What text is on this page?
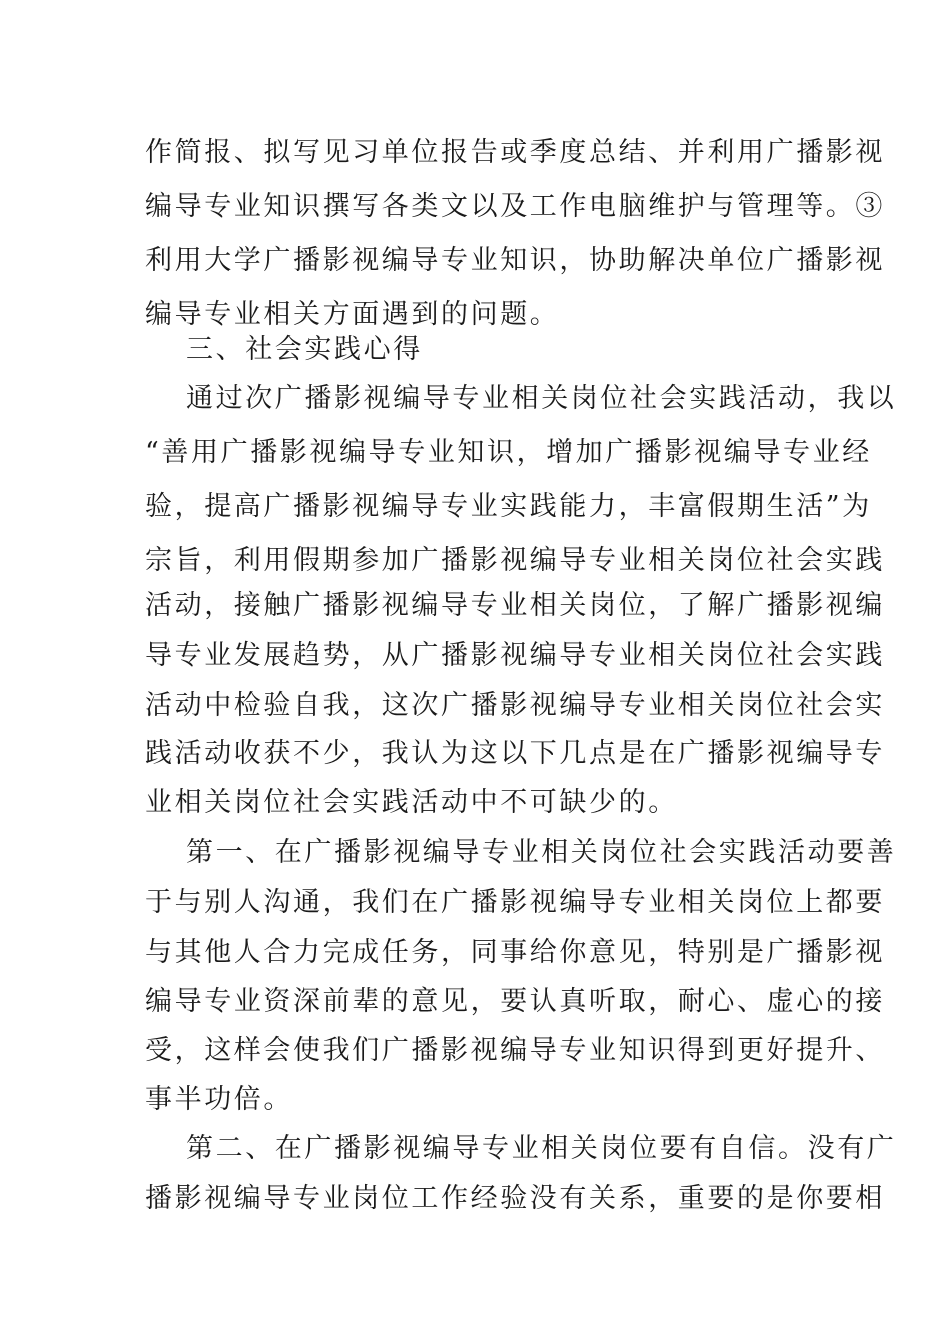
作简报、拟写见习单位报告或季度总结、并利用广播影视
编导专业知识撰写各类文以及工作电脑维护与管理等。③
利用大学广播影视编导专业知识，协助解决单位广播影视
编导专业相关方面遇到的问题。
三、社会实践心得
通过次广播影视编导专业相关岗位社会实践活动，我以
“善用广播影视编导专业知识，增加广播影视编导专业经
验，提高广播影视编导专业实践能力，丰富假期生活”为
宗旨，利用假期参加广播影视编导专业相关岗位社会实践
活动，接触广播影视编导专业相关岗位，了解广播影视编
导专业发展趋势，从广播影视编导专业相关岗位社会实践
活动中检验自我，这次广播影视编导专业相关岗位社会实
践活动收获不少，我认为这以下几点是在广播影视编导专
业相关岗位社会实践活动中不可缺少的。
第一、在广播影视编导专业相关岗位社会实践活动要善
于与别人沟通，我们在广播影视编导专业相关岗位上都要
与其他人合力完成任务，同事给你意见，特别是广播影视
编导专业资深前辈的意见，要认真听取，耐心、虚心的接
受，这样会使我们广播影视编导专业知识得到更好提升、
事半功倍。
第二、在广播影视编导专业相关岗位要有自信。没有广
播影视编导专业岗位工作经验没有关系，重要的是你要相
